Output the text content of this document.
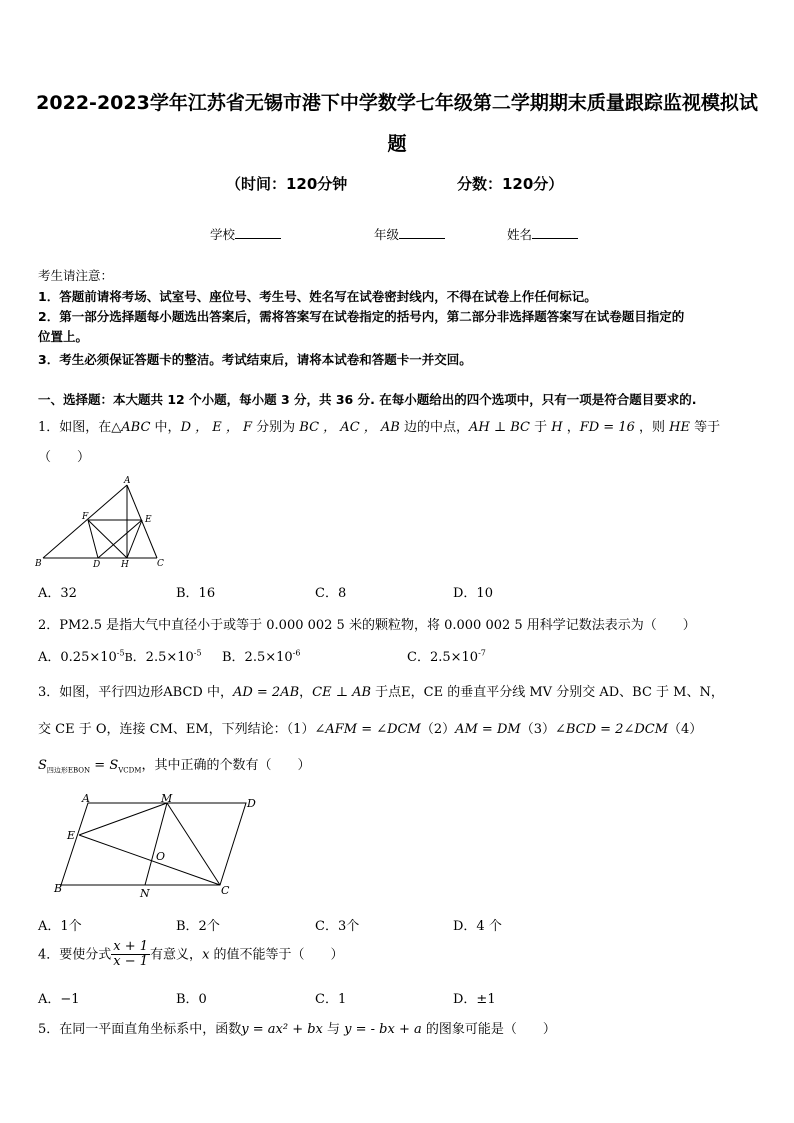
2022-2023学年江苏省无锡市港下中学数学七年级第二学期期末质量跟踪监视模拟试
题
（时间：120分钟	分数：120分）
学校	年级	姓名
考生请注意：
1．答题前请将考场、试室号、座位号、考生号、姓名写在试卷密封线内，不得在试卷上作任何标记。
2．第一部分选择题每小题选出答案后，需将答案写在试卷指定的括号内，第二部分非选择题答案写在试卷题目指定的
位置上。
3．考生必须保证答题卡的整洁。考试结束后，请将本试卷和答题卡一并交回。
一、选择题：本大题共 12 个小题，每小题 3 分，共 36 分. 在每小题给出的四个选项中，只有一项是符合题目要求的.
1．如图，在△ABC 中，D ， E ， F 分别为 BC ， AC ， AB 边的中点，AH ⊥ BC 于 H ，FD = 16 ，则 HE 等于
（　　）
A
B	C
D
E
F
H
A．32	B．16	C．8	D．10
2．PM2.5 是指大气中直径小于或等于 0.000 002 5 米的颗粒物，将 0.000 002 5 用科学记数法表示为（　　）
A．$0.25\times 10^{-5}B$．$2.5\times 10^{-5}$ B．$2.5\times 10^{-6}$	C．$2.5\times 10^{-7}$
3．如图，平行四边形ABCD 中，AD = 2AB，CE ⊥ AB 于点E，CE 的垂直平分线 MV 分别交 AD、BC 于 M、N，
交 CE 于 O，连接 CM、EM，下列结论：（1）∠AFM = ∠DCM（2）AM = DM（3）∠BCD = 2∠DCM（4）
$S_{四边形EBON} = S_{VCDM}$，其中正确的个数有（　　）
A	M	D
E
O
B	N	C
A．1个	B．2个	C．3个	D．4 个
4．要使分式 $\frac{x + 1}{x - 1}$ 有意义，x 的值不能等于（　　）
A．−1	B．0	C．1	D．±1
5．在同一平面直角坐标系中，函数y = ax² + bx 与 y = - bx + a 的图象可能是（　　）
